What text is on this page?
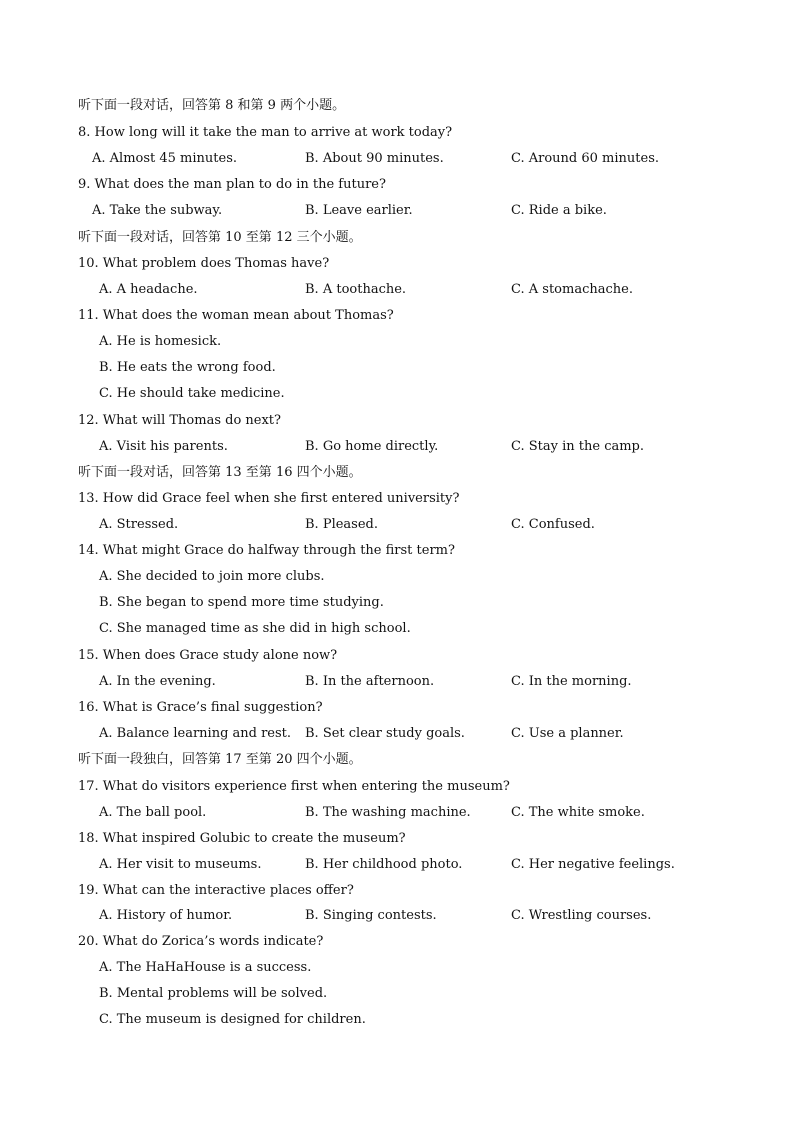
听下面一段对话，回答第 8 和第 9 两个小题。
8. How long will it take the man to arrive at work today?
A. Almost 45 minutes.	B. About 90 minutes.	C. Around 60 minutes.
9. What does the man plan to do in the future?
A. Take the subway.	B. Leave earlier.	C. Ride a bike.
听下面一段对话，回答第 10 至第 12 三个小题。
10. What problem does Thomas have?
A. A headache.	B. A toothache.	C. A stomachache.
11. What does the woman mean about Thomas?
A. He is homesick.
B. He eats the wrong food.
C. He should take medicine.
12. What will Thomas do next?
A. Visit his parents.	B. Go home directly.	C. Stay in the camp.
听下面一段对话，回答第 13 至第 16 四个小题。
13. How did Grace feel when she first entered university?
A. Stressed.	B. Pleased.	C. Confused.
14. What might Grace do halfway through the first term?
A. She decided to join more clubs.
B. She began to spend more time studying.
C. She managed time as she did in high school.
15. When does Grace study alone now?
A. In the evening.	B. In the afternoon.	C. In the morning.
16. What is Grace’s final suggestion?
A. Balance learning and rest. B. Set clear study goals.	C. Use a planner.
听下面一段独白，回答第 17 至第 20 四个小题。
17. What do visitors experience first when entering the museum?
A. The ball pool.	B. The washing machine.	C. The white smoke.
18. What inspired Golubic to create the museum?
A. Her visit to museums.	B. Her childhood photo.	C. Her negative feelings.
19. What can the interactive places offer?
A. History of humor.	B. Singing contests.	C. Wrestling courses.
20. What do Zorica’s words indicate?
A. The HaHaHouse is a success.
B. Mental problems will be solved.
C. The museum is designed for children.
